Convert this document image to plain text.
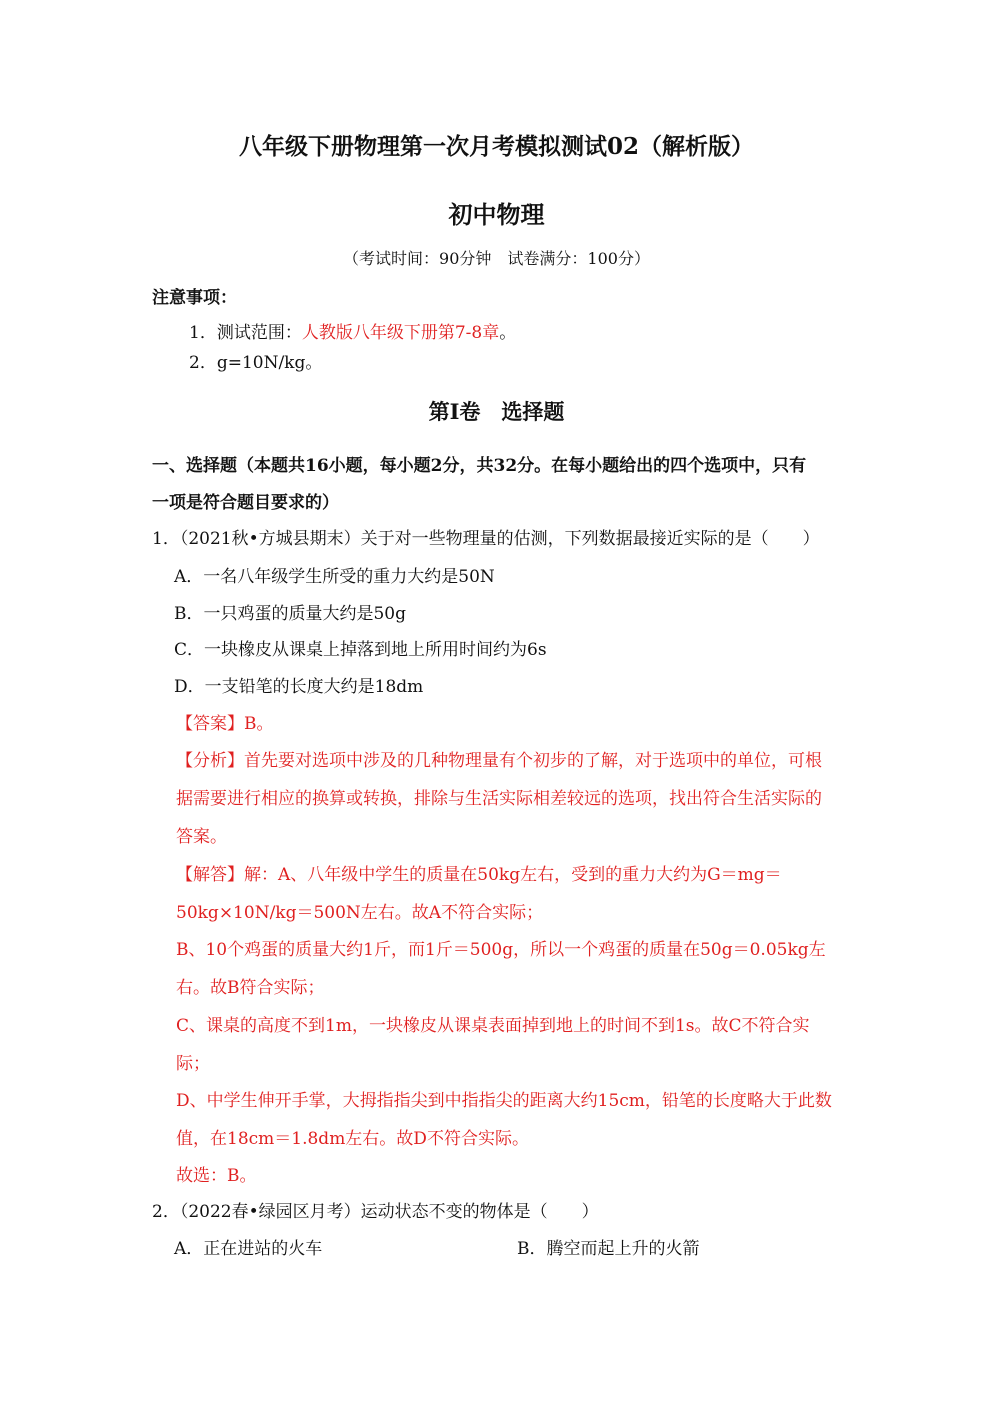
八年级下册物理第一次月考模拟测试02（解析版）
初中物理
（考试时间：90分钟　试卷满分：100分）
注意事项：
1．测试范围：人教版八年级下册第7-8章。
2．g=10N/kg。
第Ⅰ卷　选择题
一、选择题（本题共16小题，每小题2分，共32分。在每小题给出的四个选项中，只有
一项是符合题目要求的）
1．（2021秋•方城县期末）关于对一些物理量的估测，下列数据最接近实际的是（　　）
A．一名八年级学生所受的重力大约是50N
B．一只鸡蛋的质量大约是50g
C．一块橡皮从课桌上掉落到地上所用时间约为6s
D．一支铅笔的长度大约是18dm
【答案】B。
【分析】首先要对选项中涉及的几种物理量有个初步的了解，对于选项中的单位，可根
据需要进行相应的换算或转换，排除与生活实际相差较远的选项，找出符合生活实际的
答案。
【解答】解：A、八年级中学生的质量在50kg左右，受到的重力大约为G＝mg＝
50kg×10N/kg＝500N左右。故A不符合实际；
B、10个鸡蛋的质量大约1斤，而1斤＝500g，所以一个鸡蛋的质量在50g＝0.05kg左
右。故B符合实际；
C、课桌的高度不到1m，一块橡皮从课桌表面掉到地上的时间不到1s。故C不符合实
际；
D、中学生伸开手掌，大拇指指尖到中指指尖的距离大约15cm，铅笔的长度略大于此数
值，在18cm＝1.8dm左右。故D不符合实际。
故选：B。
2．（2022春•绿园区月考）运动状态不变的物体是（　　）
A．正在进站的火车	B．腾空而起上升的火箭
